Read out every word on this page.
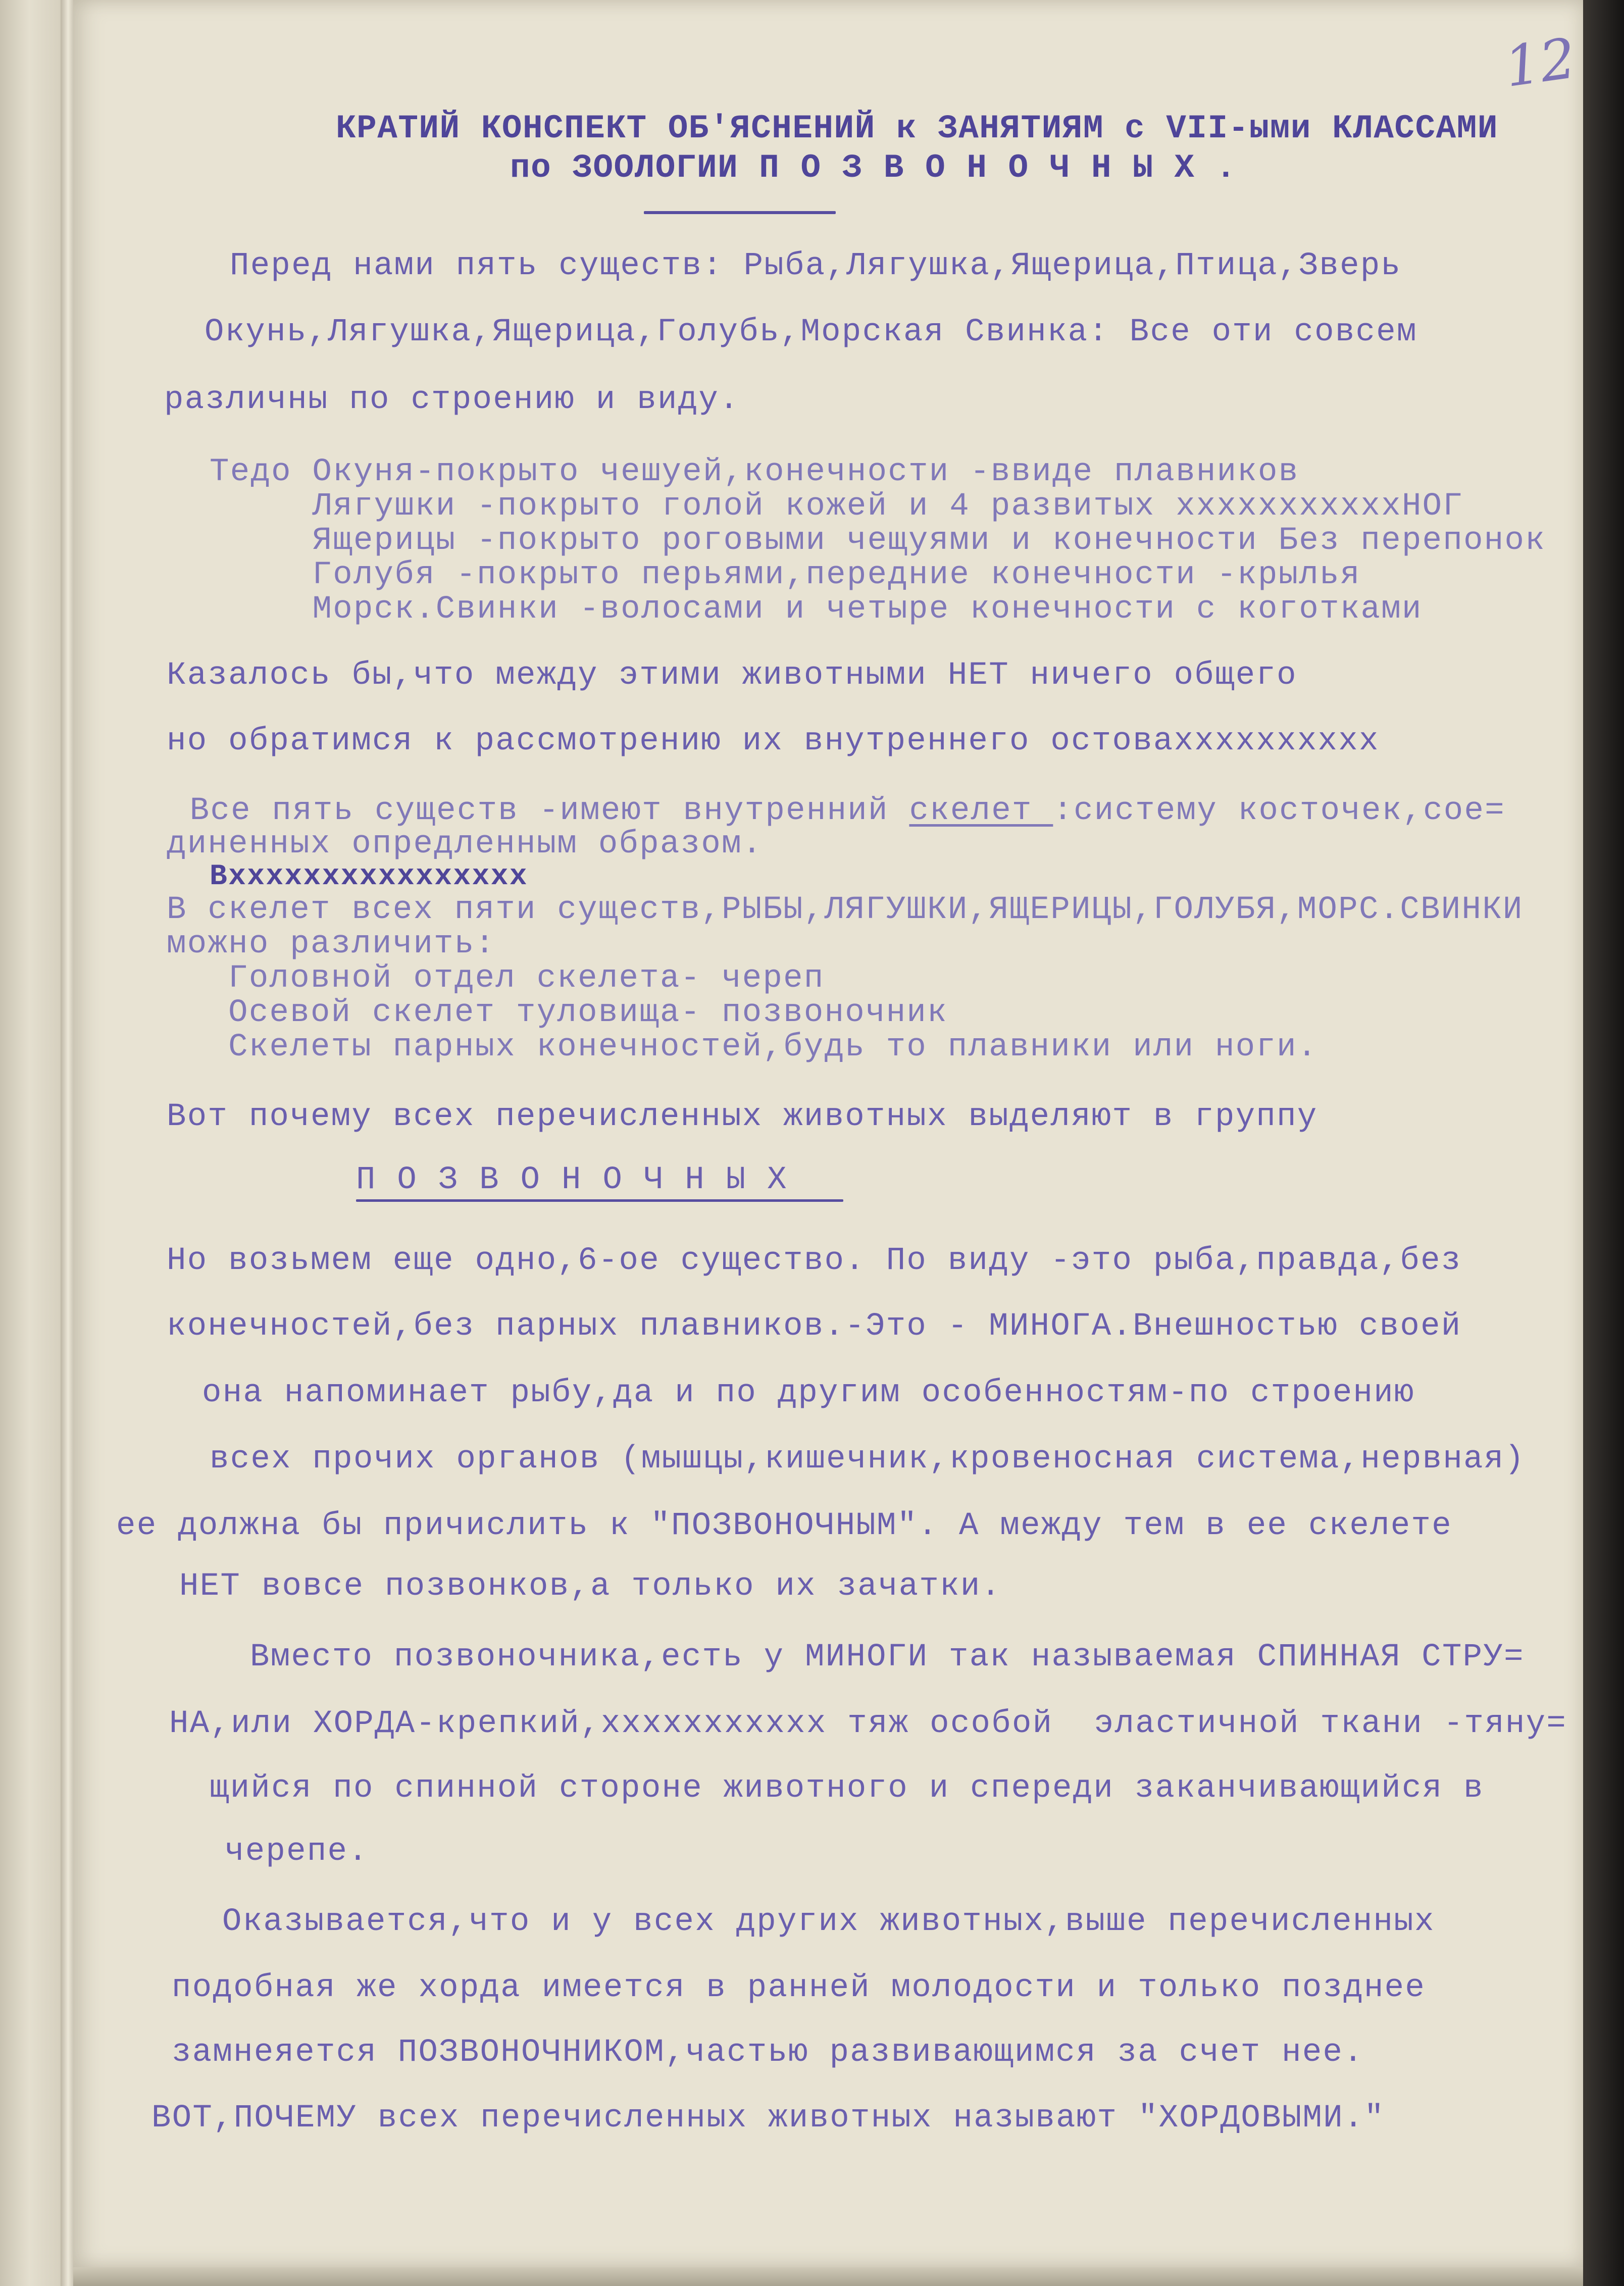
12
КРАТИЙ КОНСПЕКТ ОБ'ЯСНЕНИЙ к ЗАНЯТИЯМ с VII-ыми КЛАССАМИ
по ЗООЛОГИИ П О З В О Н О Ч Н Ы Х .
Перед нами пять существ: Рыба,Лягушка,Ящерица,Птица,Зверь
Окунь,Лягушка,Ящерица,Голубь,Морская Свинка: Все оти совсем
различны по строению и виду.
Тедо Окуня-покрыто чешуей,конечности -ввиде плавников
Лягушки -покрыто голой кожей и 4 развитых хххххххххххНОГ
Ящерицы -покрыто роговыми чещуями и конечности Без перепонок
Голубя -покрыто перьями,передние конечности -крылья
Морск.Свинки -волосами и четыре конечности с коготками
Казалось бы,что между этими животными НЕТ ничего общего
но обратимся к рассмотрению их внутреннего остовахххххххххх
Все пять существ -имеют внутренний скелет :систему косточек,сое=
диненных опредленным образом.
Вхххххххххххххххх
В скелет всех пяти существ,РЫБЫ,ЛЯГУШКИ,ЯЩЕРИЦЫ,ГОЛУБЯ,МОРС.СВИНКИ
можно различить:
Головной отдел скелета- череп
Осевой скелет туловища- позвоночник
Скелеты парных конечностей,будь то плавники или ноги.
Вот почему всех перечисленных животных выделяют в группу
П О З В О Н О Ч Н Ы Х
Но возьмем еще одно,6-ое существо. По виду -это рыба,правда,без
конечностей,без парных плавников.-Это - МИНОГА.Внешностью своей
она напоминает рыбу,да и по другим особенностям-по строению
всех прочих органов (мышцы,кишечник,кровеносная система,нервная)
ее должна бы причислить к "ПОЗВОНОЧНЫМ". А между тем в ее скелете
НЕТ вовсе позвонков,а только их зачатки.
Вместо позвоночника,есть у МИНОГИ так называемая СПИННАЯ СТРУ=
НА,или ХОРДА-крепкий,ххххххххххх тяж особой  эластичной ткани -тяну=
щийся по спинной стороне животного и спереди заканчивающийся в
черепе.
Оказывается,что и у всех других животных,выше перечисленных
подобная же хорда имеется в ранней молодости и только позднее
замнеяется ПОЗВОНОЧНИКОМ,частью развивающимся за счет нее.
ВОТ,ПОЧЕМУ всех перечисленных животных называют "ХОРДОВЫМИ."
